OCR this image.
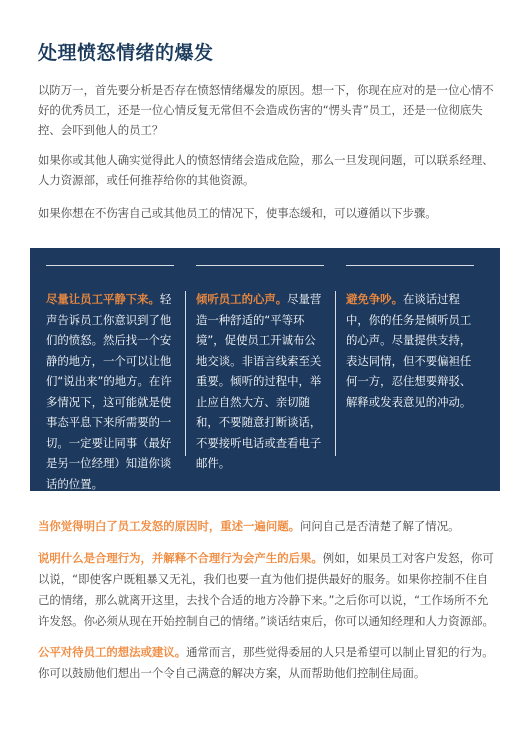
处理愤怒情绪的爆发

以防万一，首先要分析是否存在愤怒情绪爆发的原因。想一下，你现在应对的是一位心情不好的优秀员工，还是一位心情反复无常但不会造成伤害的“愣头青”员工，还是一位彻底失控、会吓到他人的员工？

如果你或其他人确实觉得此人的愤怒情绪会造成危险，那么一旦发现问题，可以联系经理、人力资源部，或任何推荐给你的其他资源。

如果你想在不伤害自己或其他员工的情况下，使事态缓和，可以遵循以下步骤。

尽量让员工平静下来。轻声告诉员工你意识到了他们的愤怒。然后找一个安静的地方，一个可以让他们“说出来”的地方。在许多情况下，这可能就是使事态平息下来所需要的一切。一定要让同事（最好是另一位经理）知道你谈话的位置。

倾听员工的心声。尽量营造一种舒适的“平等环境”，促使员工开诚布公地交谈。非语言线索至关重要。倾听的过程中，举止应自然大方、亲切随和，不要随意打断谈话，不要接听电话或查看电子邮件。

避免争吵。在谈话过程中，你的任务是倾听员工的心声。尽量提供支持，表达同情，但不要偏袒任何一方，忍住想要辩驳、解释或发表意见的冲动。

当你觉得明白了员工发怒的原因时，重述一遍问题。问问自己是否清楚了解了情况。

说明什么是合理行为，并解释不合理行为会产生的后果。例如，如果员工对客户发怒，你可以说，“即使客户既粗暴又无礼，我们也要一直为他们提供最好的服务。如果你控制不住自己的情绪，那么就离开这里，去找个合适的地方冷静下来。”之后你可以说，“工作场所不允许发怒。你必须从现在开始控制自己的情绪。”谈话结束后，你可以通知经理和人力资源部。

公平对待员工的想法或建议。通常而言，那些觉得委屈的人只是希望可以制止冒犯的行为。你可以鼓励他们想出一个令自己满意的解决方案，从而帮助他们控制住局面。
